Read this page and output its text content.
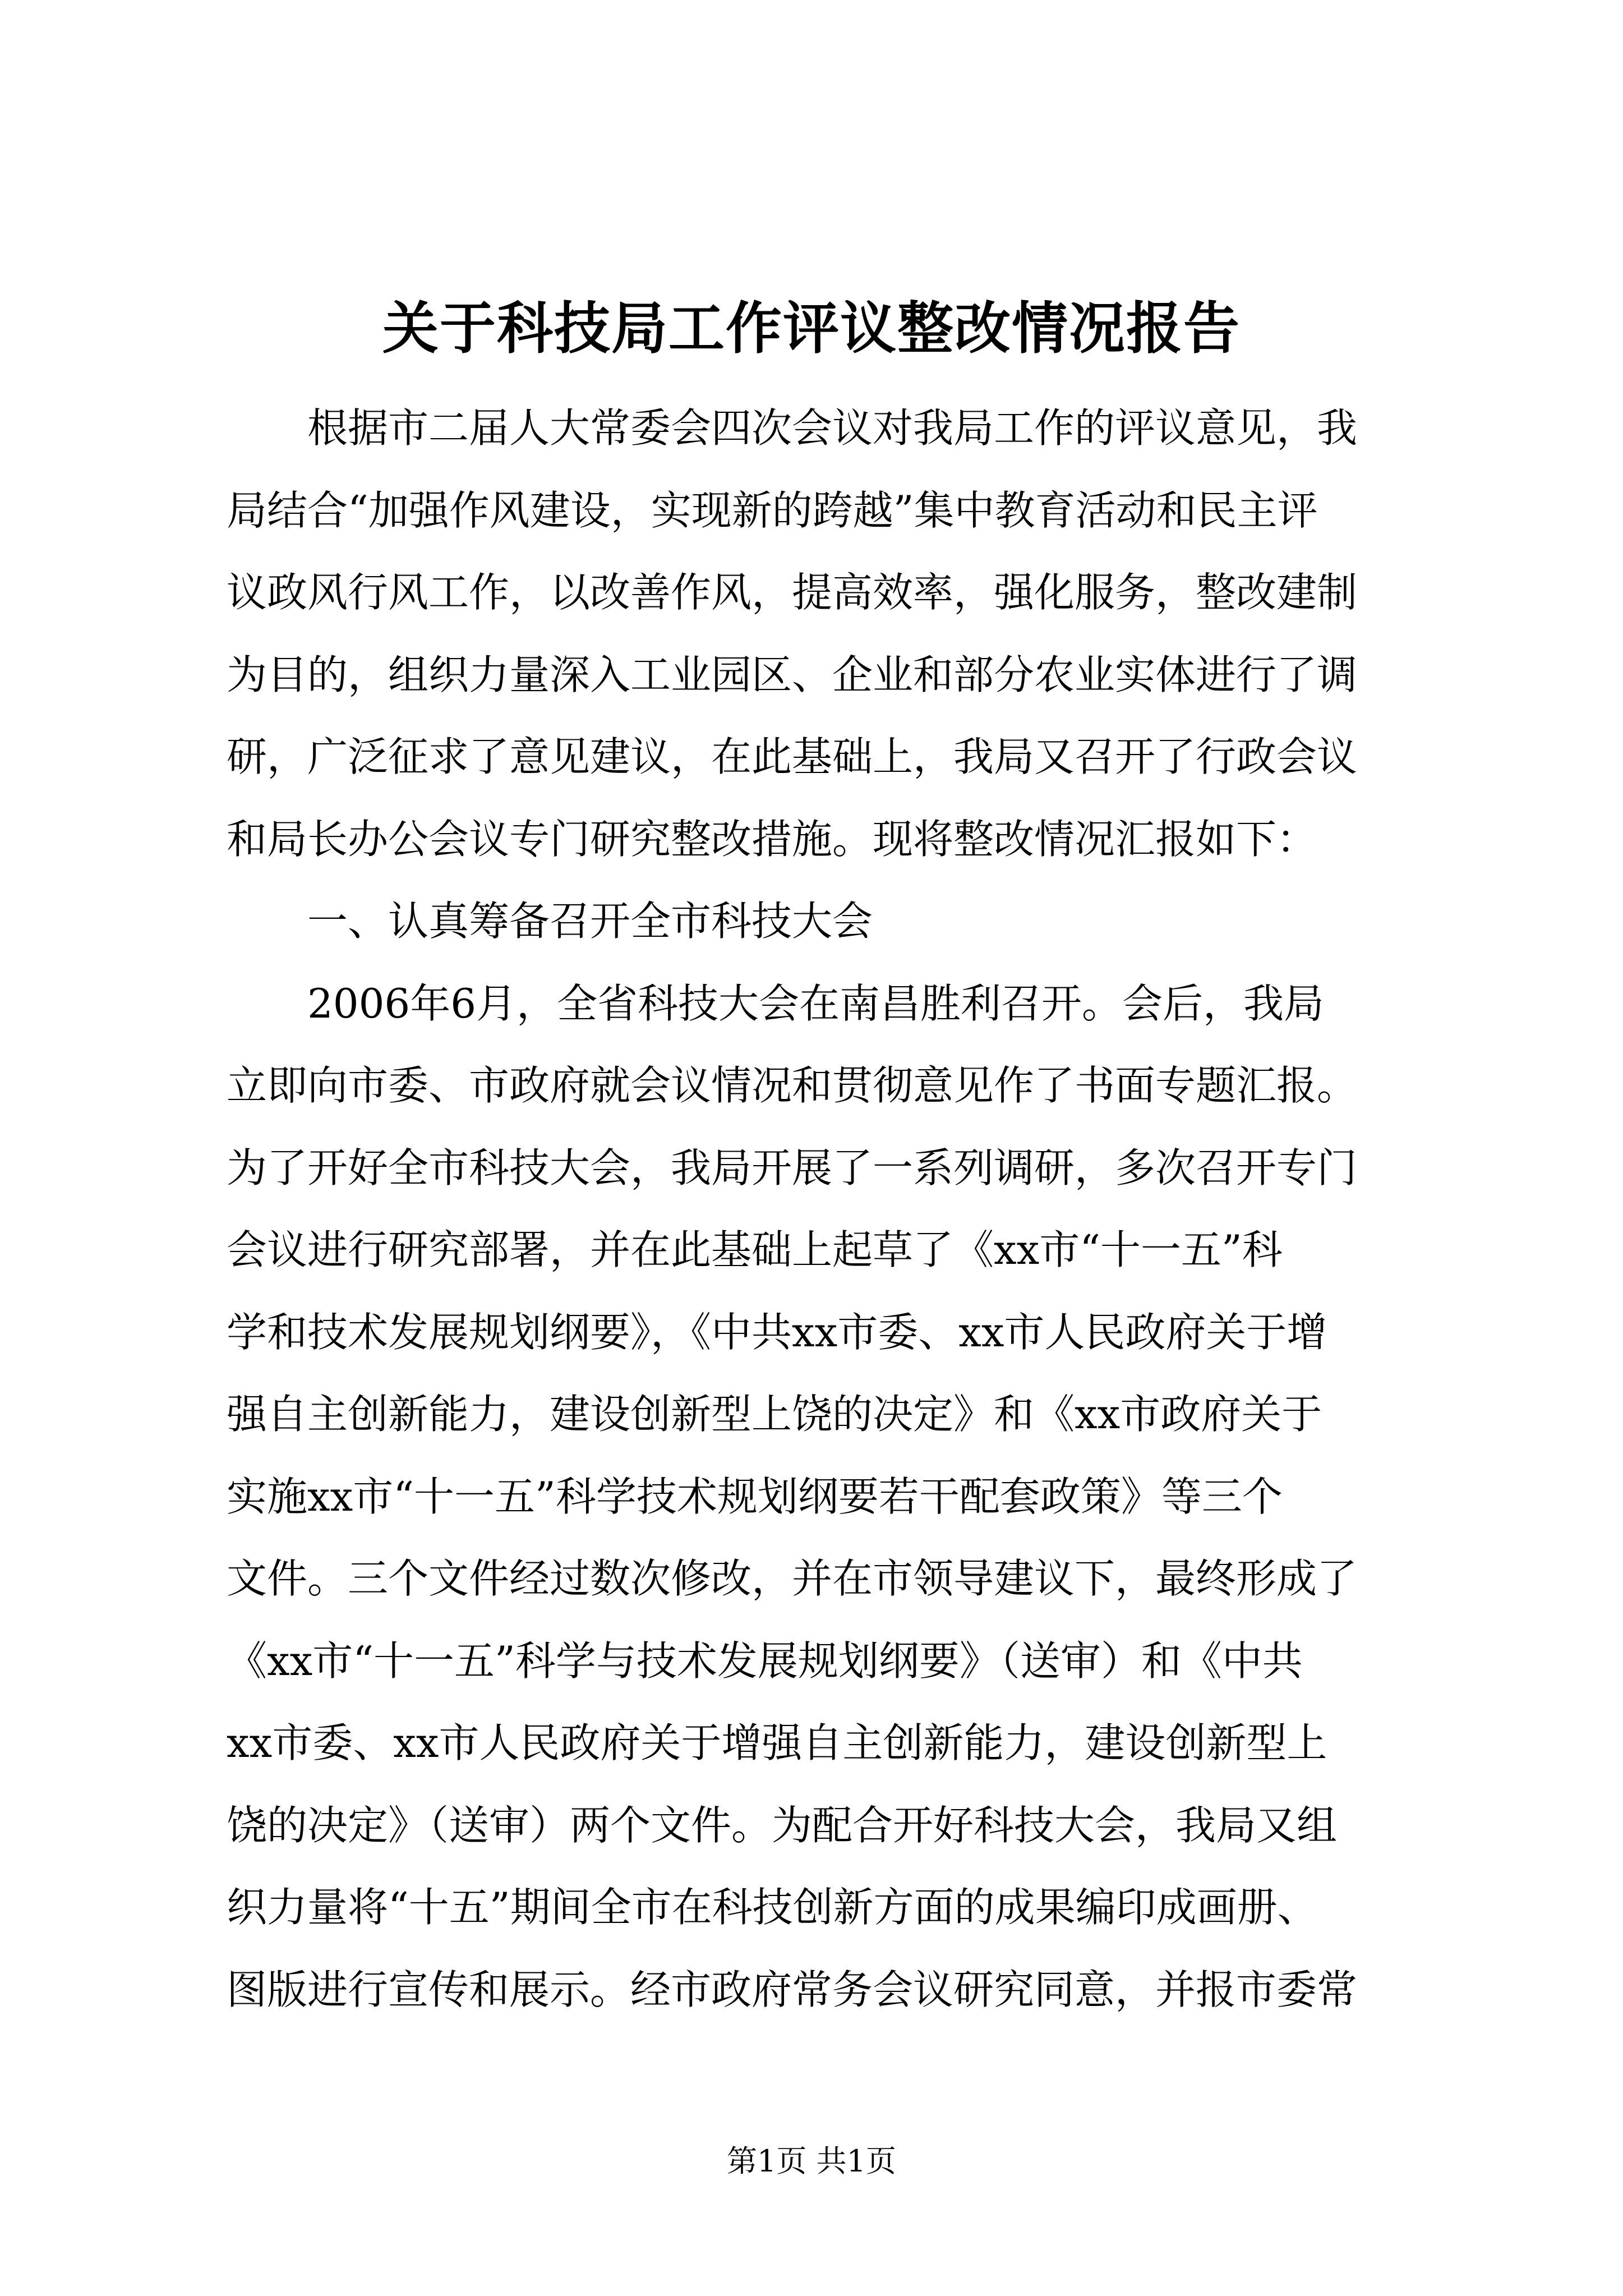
关于科技局工作评议整改情况报告
根据市二届人大常委会四次会议对我局工作的评议意见，我
局结合“加强作风建设，实现新的跨越”集中教育活动和民主评
议政风行风工作，以改善作风，提高效率，强化服务，整改建制
为目的，组织力量深入工业园区、企业和部分农业实体进行了调
研，广泛征求了意见建议，在此基础上，我局又召开了行政会议
和局长办公会议专门研究整改措施。现将整改情况汇报如下：
一、认真筹备召开全市科技大会
2006年6月，全省科技大会在南昌胜利召开。会后，我局
立即向市委、市政府就会议情况和贯彻意见作了书面专题汇报。
为了开好全市科技大会，我局开展了一系列调研，多次召开专门
会议进行研究部署，并在此基础上起草了《xx市“十一五”科
学和技术发展规划纲要》，《中共xx市委、xx市人民政府关于增
强自主创新能力，建设创新型上饶的决定》和《xx市政府关于
实施xx市“十一五”科学技术规划纲要若干配套政策》等三个
文件。三个文件经过数次修改，并在市领导建议下，最终形成了
《xx市“十一五”科学与技术发展规划纲要》（送审）和《中共
xx市委、xx市人民政府关于增强自主创新能力，建设创新型上
饶的决定》（送审）两个文件。为配合开好科技大会，我局又组
织力量将“十五”期间全市在科技创新方面的成果编印成画册、
图版进行宣传和展示。经市政府常务会议研究同意，并报市委常
第1页 共1页
